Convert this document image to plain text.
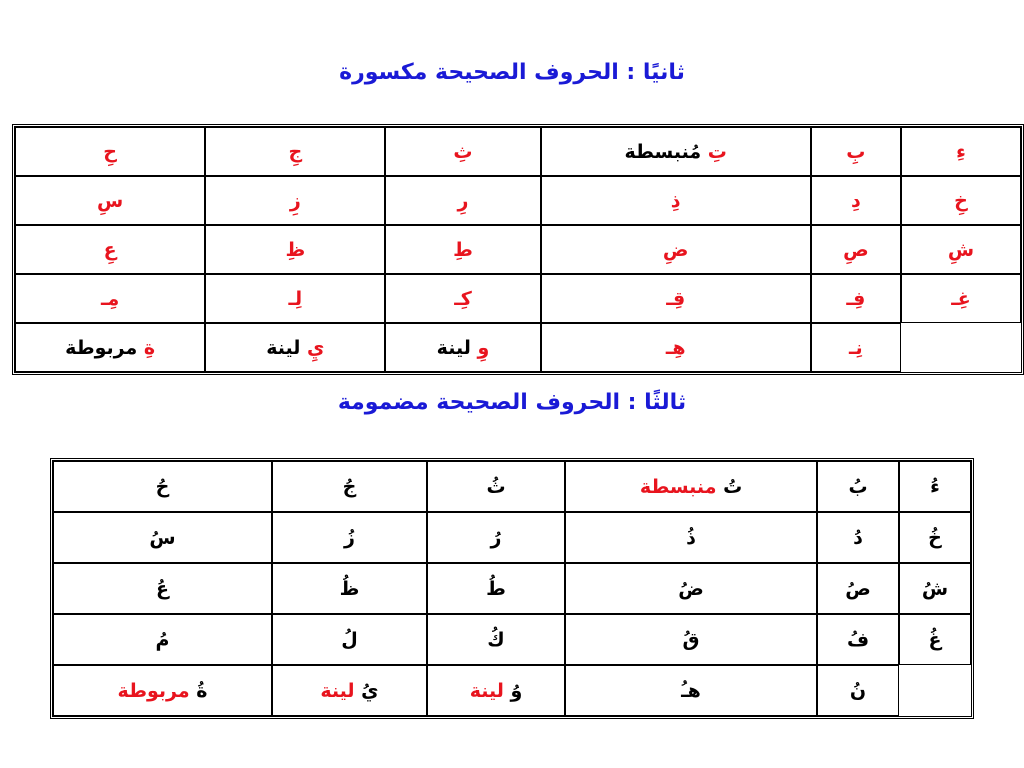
ثانيًا : الحروف الصحيحة مكسورة
ءِ	بِ	تِ مُنبسطة	ثِ	جِ	حِ
خِ	دِ	ذِ	رِ	زِ	سِ
شِ	صِ	ضِ	طِ	ظِ	عِ
غِـ	فِـ	قِـ	كِـ	لِـ	مِـ
	نِـ	هِـ	وِ لينة	يِ لينة	ةِ مربوطة
ثالثًا : الحروف الصحيحة مضمومة
ءُ	بُ	تُ منبسطة	ثُ	جُ	حُ
خُ	دُ	ذُ	رُ	زُ	سُ
شُ	صُ	ضُ	طُ	ظُ	عُ
غُ	فُ	قُ	كُ	لُ	مُ
	نُ	هـُ	وُ لينة	يُ لينة	ةُ مربوطة
